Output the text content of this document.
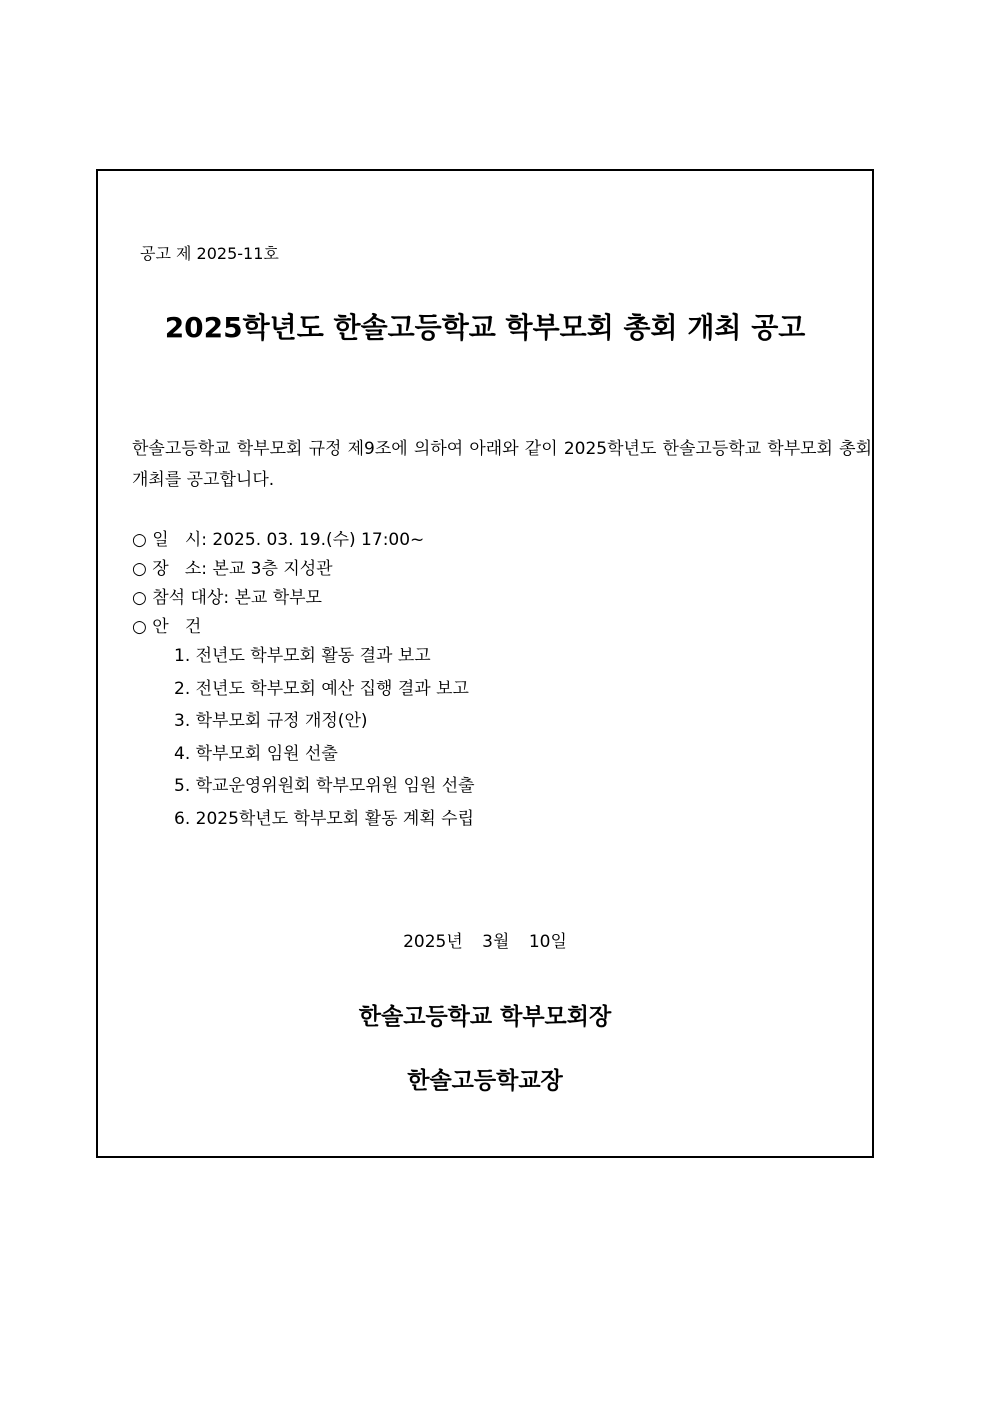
공고 제 2025-11호
2025학년도 한솔고등학교 학부모회 총회 개최 공고
한솔고등학교 학부모회 규정 제9조에 의하여 아래와 같이 2025학년도 한솔고등학교 학부모회 총회 개최를 공고합니다.
○ 일   시: 2025. 03. 19.(수) 17:00~
○ 장   소: 본교 3층 지성관
○ 참석 대상: 본교 학부모
○ 안   건
1. 전년도 학부모회 활동 결과 보고
2. 전년도 학부모회 예산 집행 결과 보고
3. 학부모회 규정 개정(안)
4. 학부모회 임원 선출
5. 학교운영위원회 학부모위원 임원 선출
6. 2025학년도 학부모회 활동 계획 수립
2025년 3월 10일
한솔고등학교 학부모회장
한솔고등학교장
